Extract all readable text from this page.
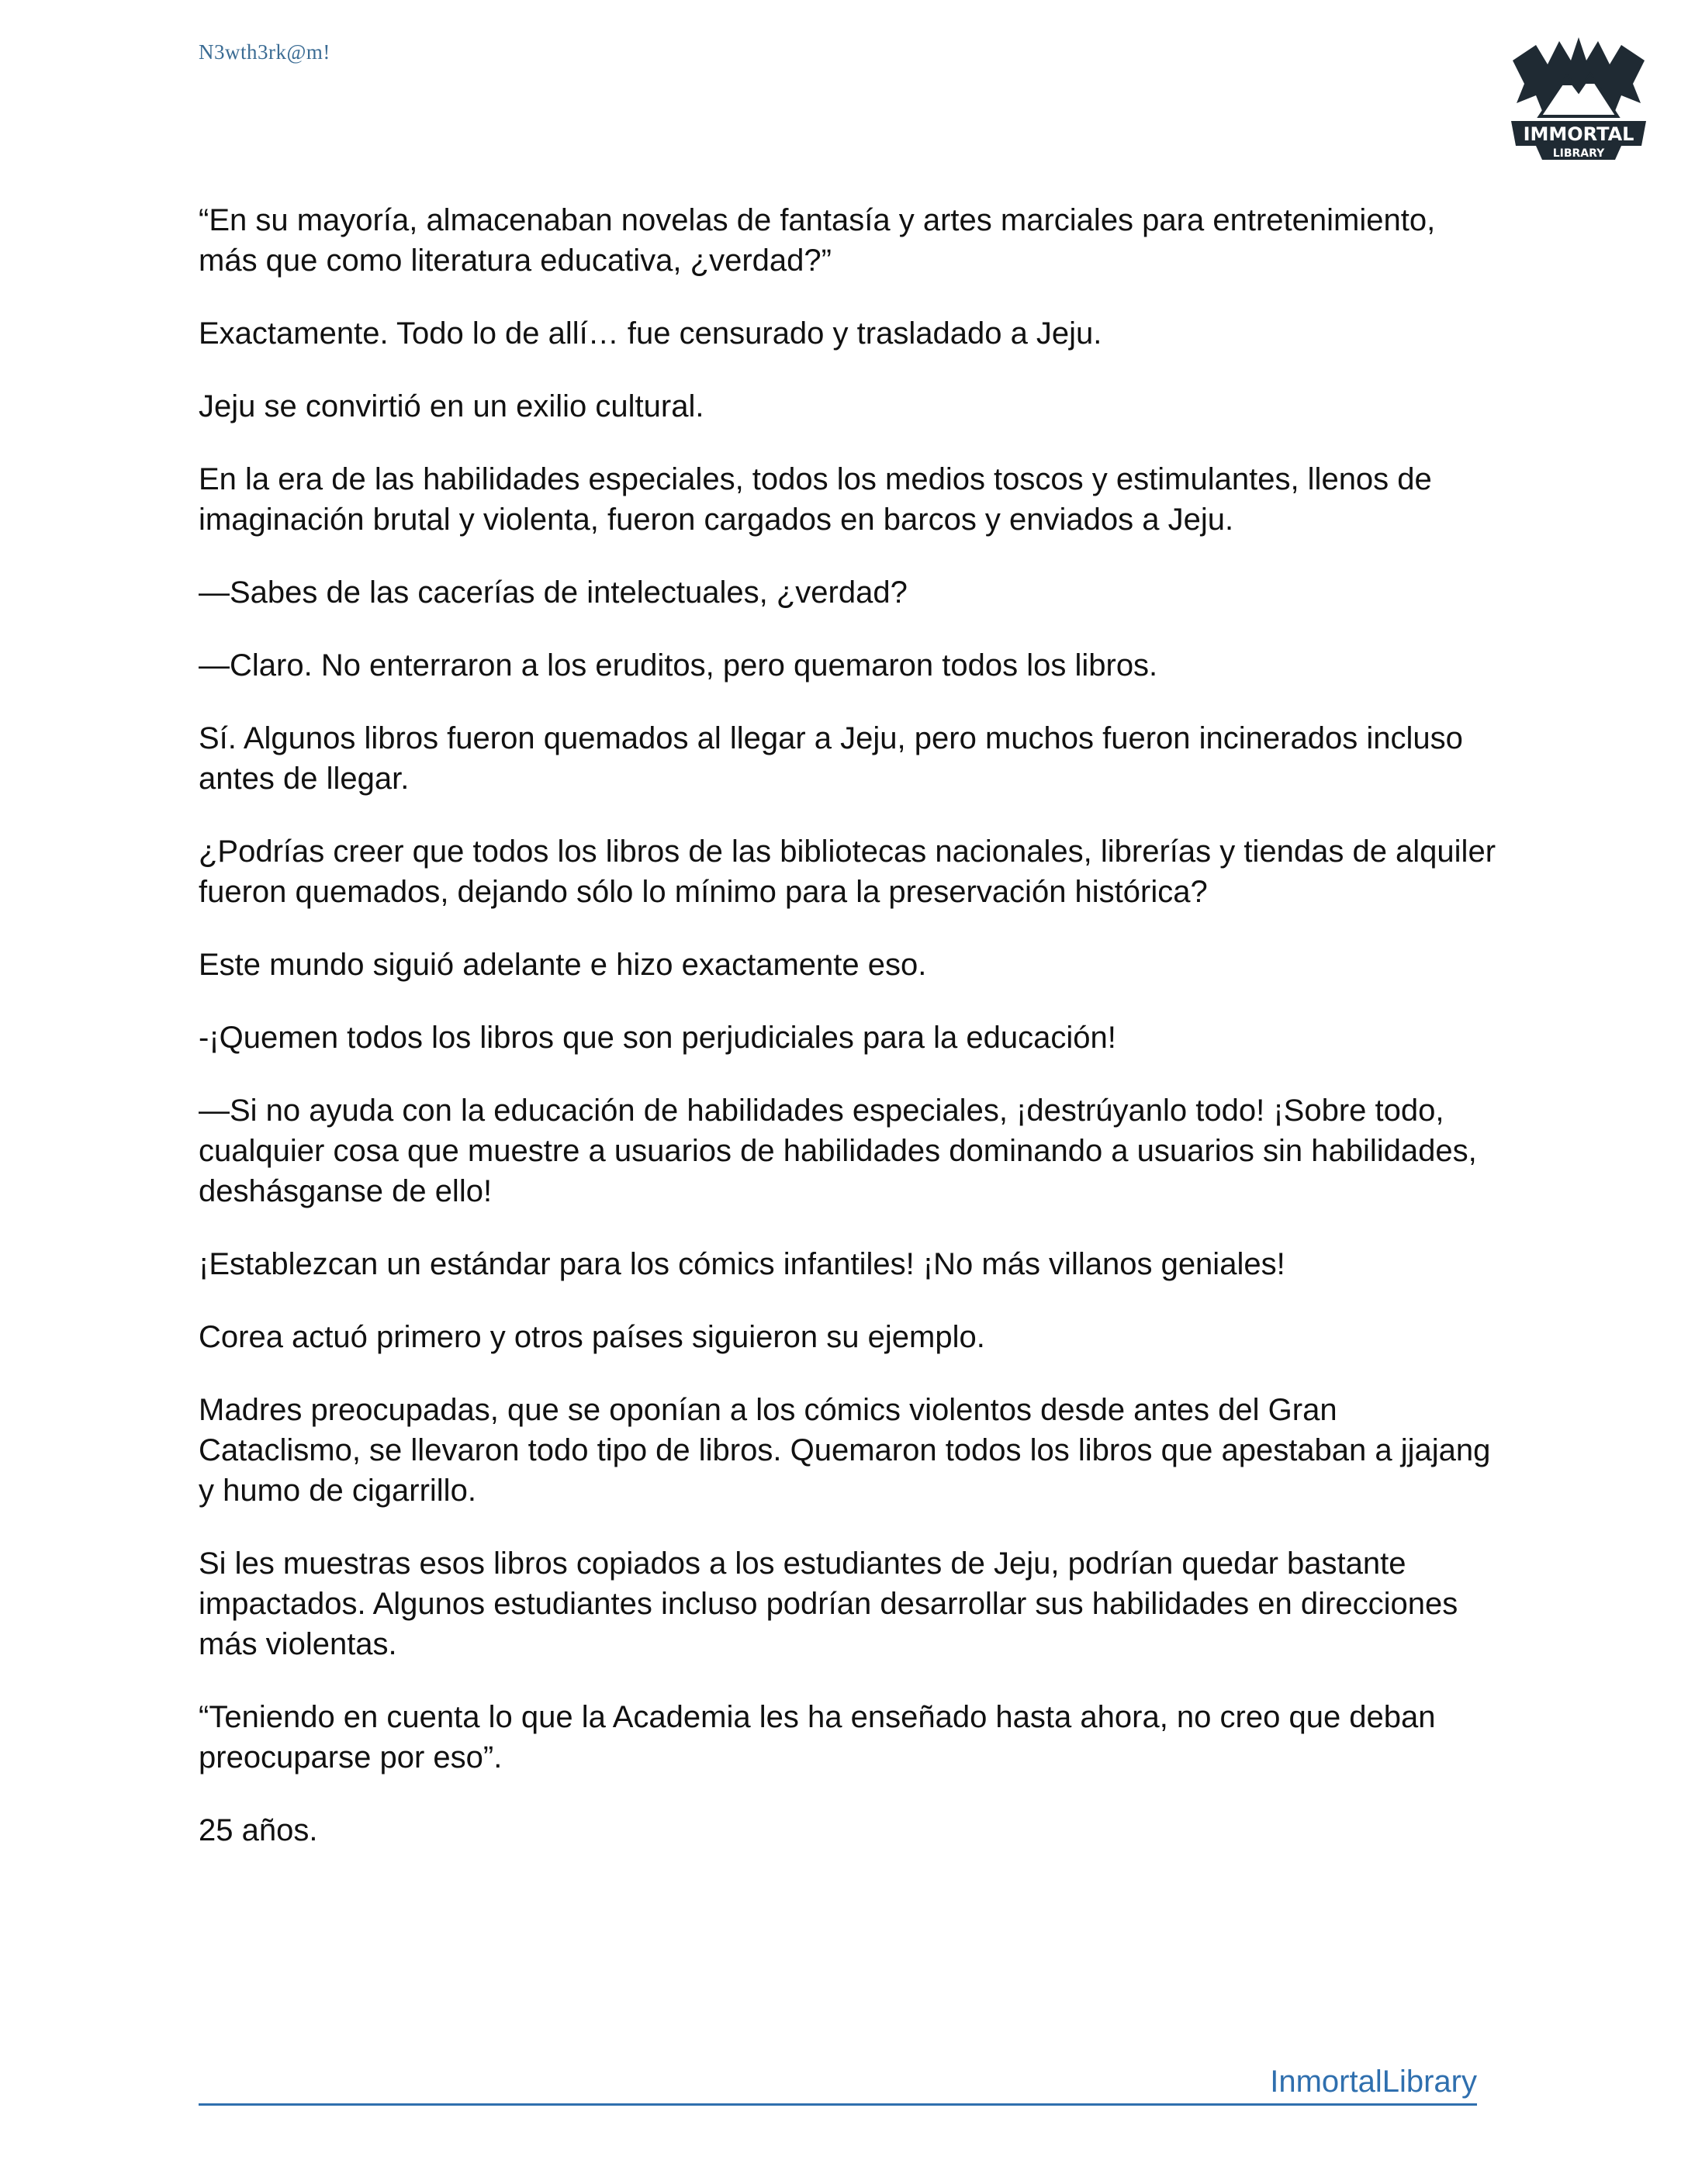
N3wth3rk@m!
IMMORTAL
LIBRARY

“En su mayoría, almacenaban novelas de fantasía y artes marciales para entretenimiento, más que como literatura educativa, ¿verdad?”

Exactamente. Todo lo de allí… fue censurado y trasladado a Jeju.

Jeju se convirtió en un exilio cultural.

En la era de las habilidades especiales, todos los medios toscos y estimulantes, llenos de imaginación brutal y violenta, fueron cargados en barcos y enviados a Jeju.

—Sabes de las cacerías de intelectuales, ¿verdad?

—Claro. No enterraron a los eruditos, pero quemaron todos los libros.

Sí. Algunos libros fueron quemados al llegar a Jeju, pero muchos fueron incinerados incluso antes de llegar.

¿Podrías creer que todos los libros de las bibliotecas nacionales, librerías y tiendas de alquiler fueron quemados, dejando sólo lo mínimo para la preservación histórica?

Este mundo siguió adelante e hizo exactamente eso.

-¡Quemen todos los libros que son perjudiciales para la educación!

—Si no ayuda con la educación de habilidades especiales, ¡destrúyanlo todo! ¡Sobre todo, cualquier cosa que muestre a usuarios de habilidades dominando a usuarios sin habilidades, deshásganse de ello!

¡Establezcan un estándar para los cómics infantiles! ¡No más villanos geniales!

Corea actuó primero y otros países siguieron su ejemplo.

Madres preocupadas, que se oponían a los cómics violentos desde antes del Gran Cataclismo, se llevaron todo tipo de libros. Quemaron todos los libros que apestaban a jjajang y humo de cigarrillo.

Si les muestras esos libros copiados a los estudiantes de Jeju, podrían quedar bastante impactados. Algunos estudiantes incluso podrían desarrollar sus habilidades en direcciones más violentas.

“Teniendo en cuenta lo que la Academia les ha enseñado hasta ahora, no creo que deban preocuparse por eso”.

25 años.

InmortalLibrary
